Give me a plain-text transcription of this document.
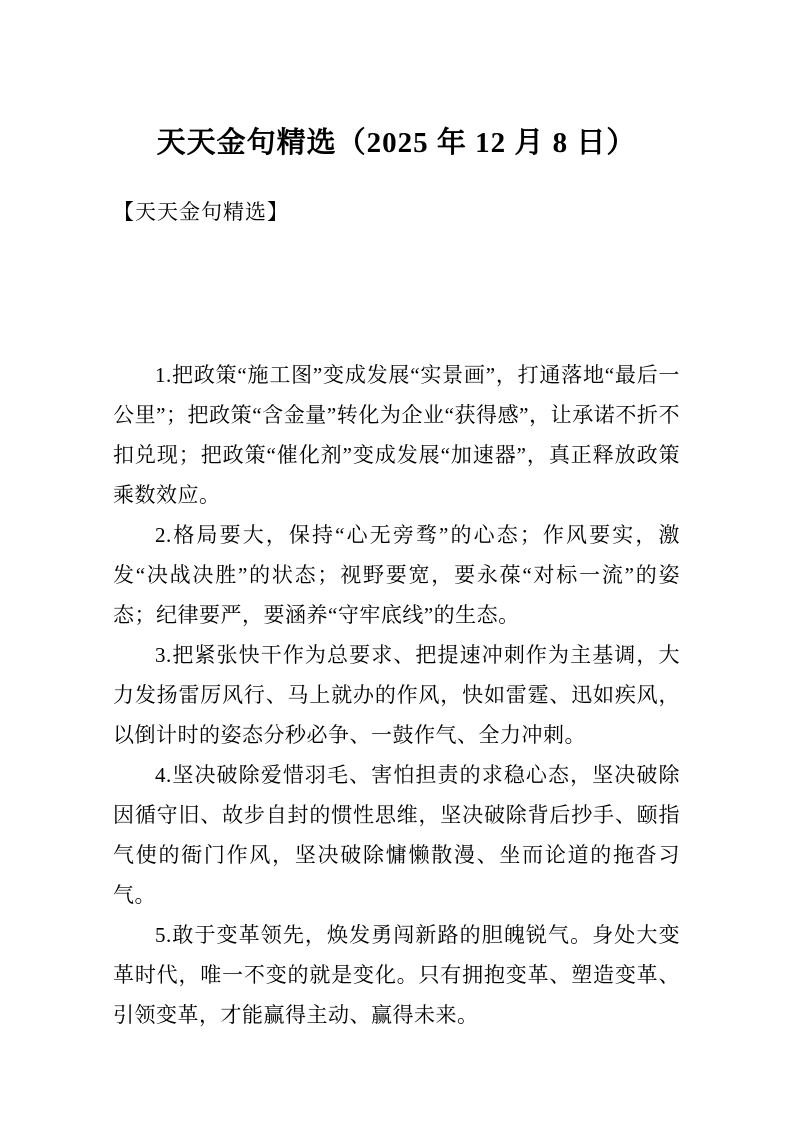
天天金句精选（2025 年 12 月 8 日）
【天天金句精选】

1.把政策“施工图”变成发展“实景画”，打通落地“最后一公里”；把政策“含金量”转化为企业“获得感”，让承诺不折不扣兑现；把政策“催化剂”变成发展“加速器”，真正释放政策乘数效应。

2.格局要大，保持“心无旁骛”的心态；作风要实，激发“决战决胜”的状态；视野要宽，要永葆“对标一流”的姿态；纪律要严，要涵养“守牢底线”的生态。

3.把紧张快干作为总要求、把提速冲刺作为主基调，大力发扬雷厉风行、马上就办的作风，快如雷霆、迅如疾风，以倒计时的姿态分秒必争、一鼓作气、全力冲刺。

4.坚决破除爱惜羽毛、害怕担责的求稳心态，坚决破除因循守旧、故步自封的惯性思维，坚决破除背后抄手、颐指气使的衙门作风，坚决破除慵懒散漫、坐而论道的拖沓习气。

5.敢于变革领先，焕发勇闯新路的胆魄锐气。身处大变革时代，唯一不变的就是变化。只有拥抱变革、塑造变革、引领变革，才能赢得主动、赢得未来。
